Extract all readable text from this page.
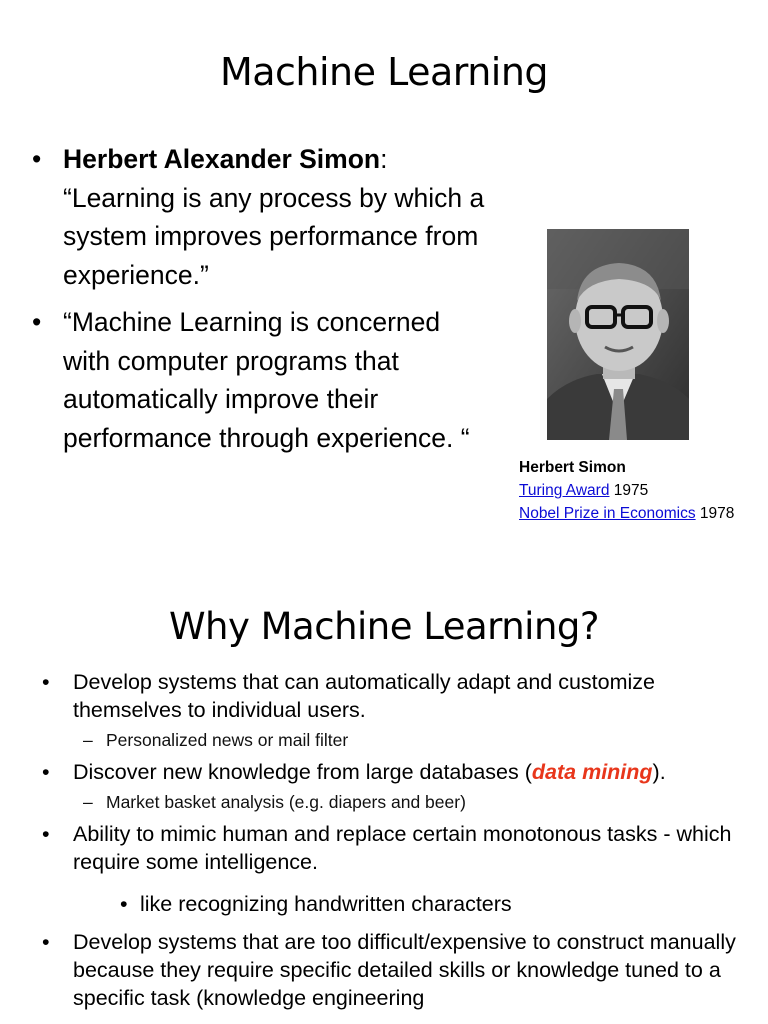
Machine Learning
• Herbert Alexander Simon: “Learning is any process by which a system improves performance from experience.”
• “Machine Learning is concerned with computer programs that automatically improve their performance through experience. “
Herbert Simon
Turing Award 1975
Nobel Prize in Economics 1978
Why Machine Learning?
• Develop systems that can automatically adapt and customize themselves to individual users.
– Personalized news or mail filter
• Discover new knowledge from large databases (data mining).
– Market basket analysis (e.g. diapers and beer)
• Ability to mimic human and replace certain monotonous tasks - which require some intelligence.
• like recognizing handwritten characters
• Develop systems that are too difficult/expensive to construct manually because they require specific detailed skills or knowledge tuned to a specific task (knowledge engineering
